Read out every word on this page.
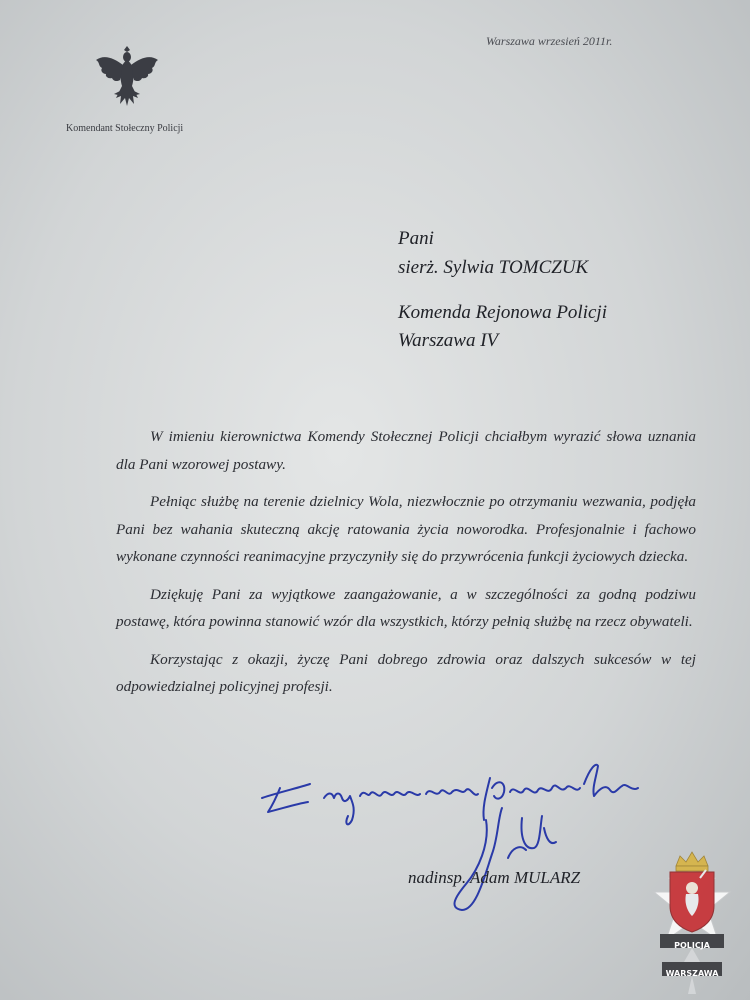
Warszawa wrzesień 2011r.
Komendant Stołeczny Policji
Pani
sierż. Sylwia TOMCZUK
Komenda Rejonowa Policji
Warszawa IV

W imieniu kierownictwa Komendy Stołecznej Policji chciałbym wyrazić słowa uznania dla Pani wzorowej postawy.

Pełniąc służbę na terenie dzielnicy Wola, niezwłocznie po otrzymaniu wezwania, podjęła Pani bez wahania skuteczną akcję ratowania życia noworodka. Profesjonalnie i fachowo wykonane czynności reanimacyjne przyczyniły się do przywrócenia funkcji życiowych dziecka.

Dziękuję Pani za wyjątkowe zaangażowanie, a w szczególności za godną podziwu postawę, która powinna stanowić wzór dla wszystkich, którzy pełnią służbę na rzecz obywateli.

Korzystając z okazji, życzę Pani dobrego zdrowia oraz dalszych sukcesów w tej odpowiedzialnej policyjnej profesji.

nadinsp. Adam MULARZ
POLICJA
WARSZAWA
